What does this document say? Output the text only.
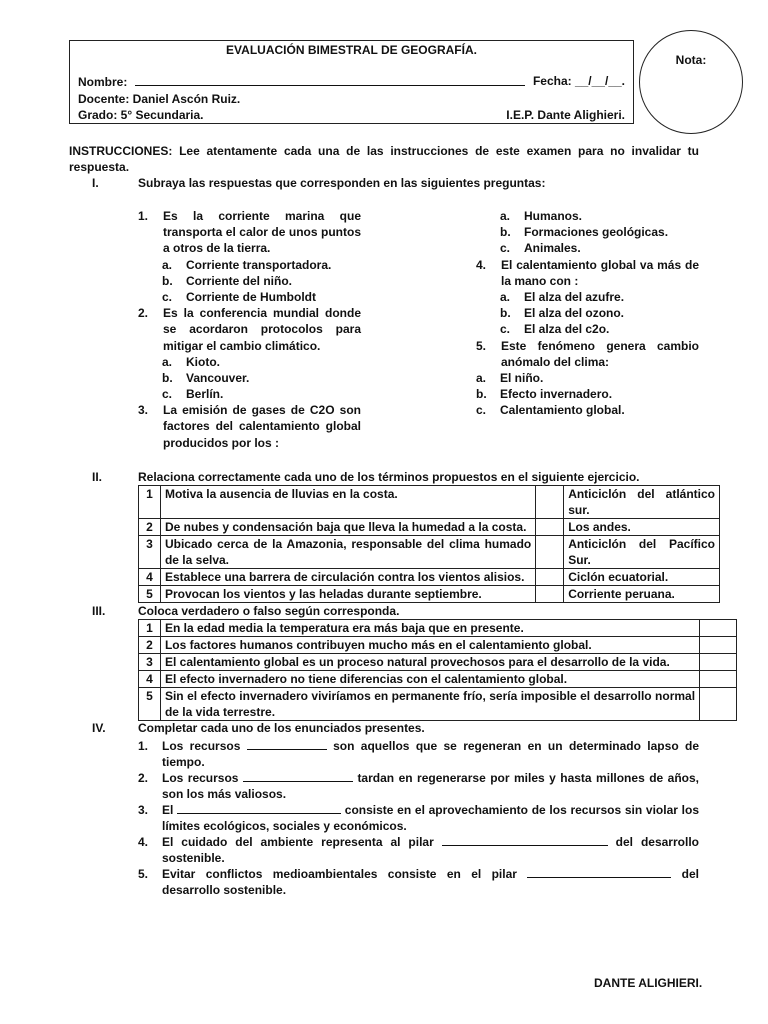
EVALUACIÓN BIMESTRAL DE GEOGRAFÍA.
Nombre:	Fecha: __/__/__.
Docente: Daniel Ascón Ruiz.
Grado: 5° Secundaria.	I.E.P. Dante Alighieri.
Nota:
INSTRUCCIONES: Lee atentamente cada una de las instrucciones de este examen para no invalidar tu respuesta.
I.	Subraya las respuestas que corresponden en las siguientes preguntas:
1. Es la corriente marina que
transporta el calor de unos puntos
a otros de la tierra.
a. Corriente transportadora.
b. Corriente del niño.
c. Corriente de Humboldt
2. Es la conferencia mundial donde
se acordaron protocolos para
mitigar el cambio climático.
a. Kioto.
b. Vancouver.
c. Berlín.
3. La emisión de gases de C2O son
factores del calentamiento global
producidos por los :
a. Humanos.
b. Formaciones geológicas.
c. Animales.
4. El calentamiento global va más de
la mano con :
a. El alza del azufre.
b. El alza del ozono.
c. El alza del c2o.
5. Este fenómeno genera cambio
anómalo del clima:
a. El niño.
b. Efecto invernadero.
c. Calentamiento global.
II.	Relaciona correctamente cada uno de los términos propuestos en el siguiente ejercicio.
1	Motiva la ausencia de lluvias en la costa.		Anticiclón del atlántico sur.
2	De nubes y condensación baja que lleva la humedad a la costa.		Los andes.
3	Ubicado cerca de la Amazonia, responsable del clima humado de la selva.		Anticiclón del Pacífico Sur.
4	Establece una barrera de circulación contra los vientos alisios.		Ciclón ecuatorial.
5	Provocan los vientos y las heladas durante septiembre.		Corriente peruana.
III.	Coloca verdadero o falso según corresponda.
1	En la edad media la temperatura era más baja que en presente.	
2	Los factores humanos contribuyen mucho más en el calentamiento global.	
3	El calentamiento global es un proceso natural provechosos para el desarrollo de la vida.	
4	El efecto invernadero no tiene diferencias con el calentamiento global.	
5	Sin el efecto invernadero viviríamos en permanente frío, sería imposible el desarrollo normal de la vida terrestre.	
IV.	Completar cada uno de los enunciados presentes.
1. Los recursos	son aquellos que se regeneran en un determinado lapso de tiempo.
2. Los recursos	tardan en regenerarse por miles y hasta millones de años, son los más valiosos.
3. El	consiste en el aprovechamiento de los recursos sin violar los límites ecológicos, sociales y económicos.
4. El cuidado del ambiente representa al pilar	del desarrollo sostenible.
5. Evitar conflictos medioambientales consiste en el pilar	del desarrollo sostenible.
DANTE ALIGHIERI.
